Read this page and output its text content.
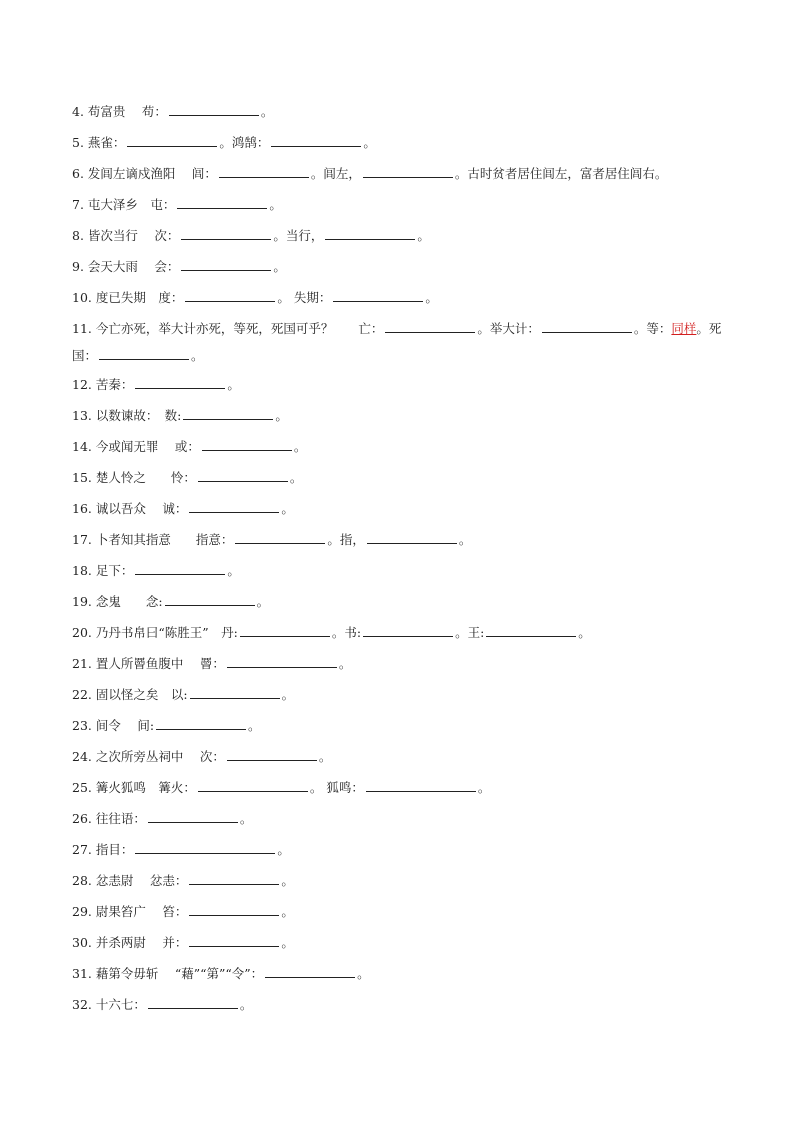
4. 苟富贵　 苟：	。
5. 燕雀：	。鸿鹄：	。
6. 发闾左谪戍渔阳　 闾：	。闾左，	。古时贫者居住闾左，富者居住闾右。
7. 屯大泽乡　屯：	。
8. 皆次当行　 次：	。当行，	。
9. 会天大雨　 会：	。
10. 度已失期　度：	。 失期：	。
11. 今亡亦死，举大计亦死，等死，死国可乎？　　亡：	。举大计：	。等：同样。死国：	。
12. 苦秦：	。
13. 以数谏故：　数:	。
14. 今或闻无罪　 或：	。
15. 楚人怜之　　怜：	。
16. 诚以吾众　 诚：	。
17. 卜者知其指意　　指意：	。指，	。
18. 足下：	。
19. 念鬼　　念:	。
20. 乃丹书帛曰“陈胜王”　丹:	。书:	。王:	。
21. 置人所罾鱼腹中　 罾：	。
22. 固以怪之矣　以:	。
23. 间令　 间:	。
24. 之次所旁丛祠中　 次：	。
25. 篝火狐鸣　篝火：	。 狐鸣：	。
26. 往往语：	。
27. 指目：	。
28. 忿恚尉　 忿恚：	。
29. 尉果笞广　 笞：	。
30. 并杀两尉　 并：	。
31. 藉第令毋斩　 “藉”“第”“令”：	。
32. 十六七：	。
